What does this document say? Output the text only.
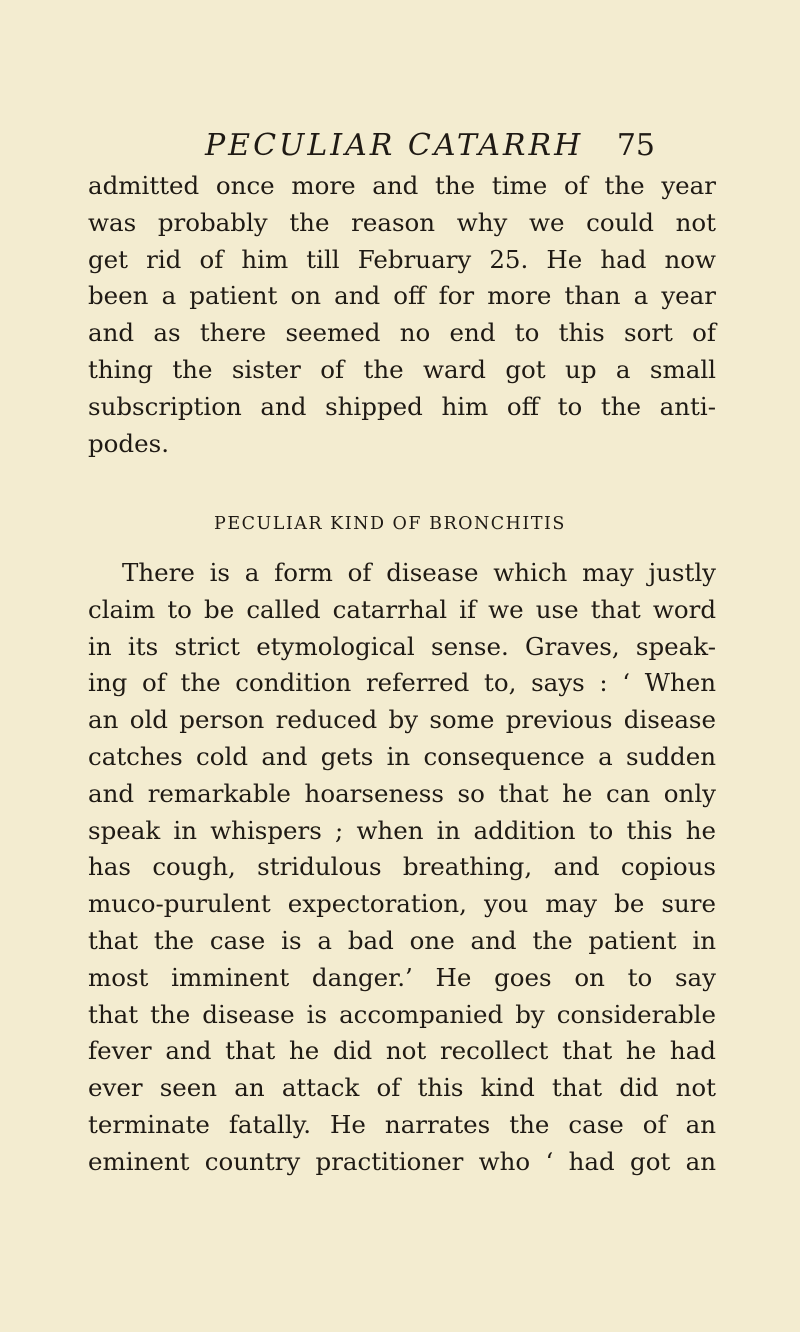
PECULIAR CATARRH 75
admitted once more and the time of the year
was probably the reason why we could not
get rid of him till February 25. He had now
been a patient on and off for more than a year
and as there seemed no end to this sort of
thing the sister of the ward got up a small
subscription and shipped him off to the anti-
podes.
PECULIAR KIND OF BRONCHITIS
There is a form of disease which may justly
claim to be called catarrhal if we use that word
in its strict etymological sense. Graves, speak-
ing of the condition referred to, says : ‘ When
an old person reduced by some previous disease
catches cold and gets in consequence a sudden
and remarkable hoarseness so that he can only
speak in whispers ; when in addition to this he
has cough, stridulous breathing, and copious
muco-purulent expectoration, you may be sure
that the case is a bad one and the patient in
most imminent danger.’ He goes on to say
that the disease is accompanied by considerable
fever and that he did not recollect that he had
ever seen an attack of this kind that did not
terminate fatally. He narrates the case of an
eminent country practitioner who ‘ had got an
